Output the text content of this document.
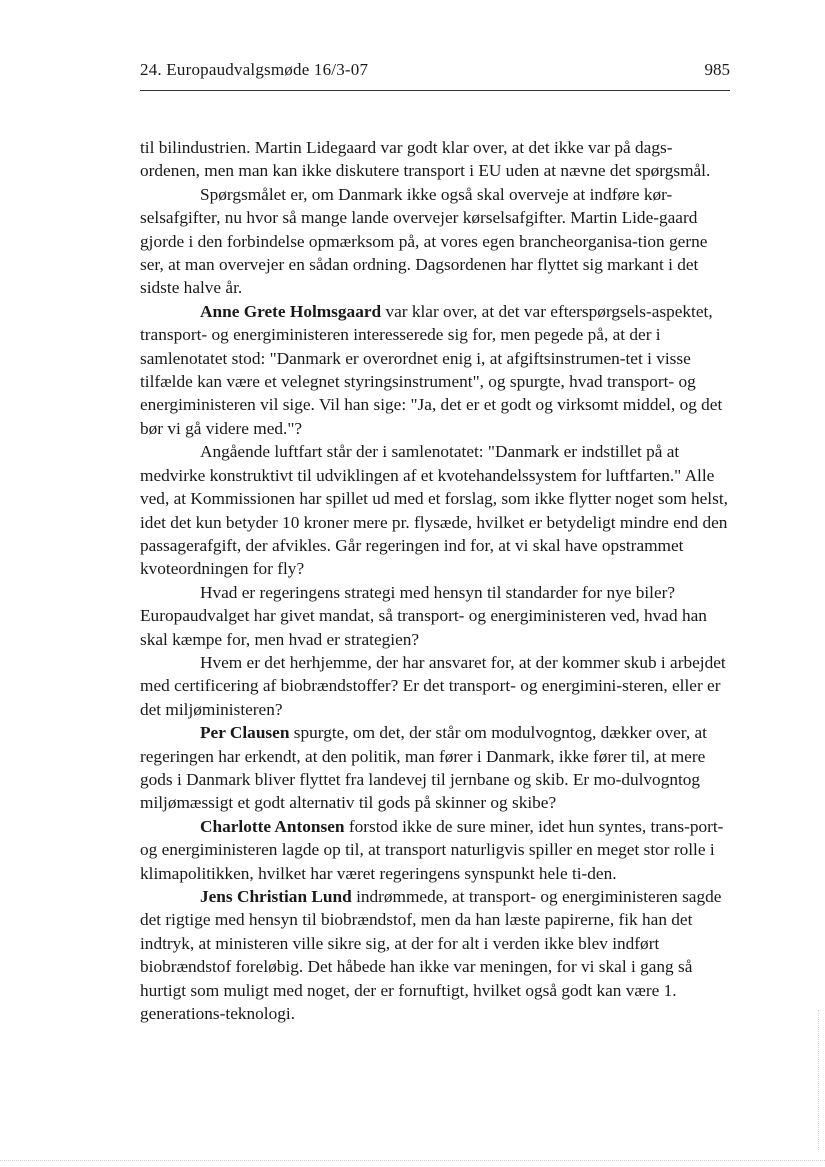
24. Europaudvalgsmøde 16/3-07	985

til bilindustrien. Martin Lidegaard var godt klar over, at det ikke var på dags-ordenen, men man kan ikke diskutere transport i EU uden at nævne det spørgsmål.

Spørgsmålet er, om Danmark ikke også skal overveje at indføre kør-selsafgifter, nu hvor så mange lande overvejer kørselsafgifter. Martin Lide-gaard gjorde i den forbindelse opmærksom på, at vores egen brancheorganisa-tion gerne ser, at man overvejer en sådan ordning. Dagsordenen har flyttet sig markant i det sidste halve år.

Anne Grete Holmsgaard var klar over, at det var efterspørgsels-aspektet, transport- og energiministeren interesserede sig for, men pegede på, at der i samlenotatet stod: "Danmark er overordnet enig i, at afgiftsinstrumen-tet i visse tilfælde kan være et velegnet styringsinstrument", og spurgte, hvad transport- og energiministeren vil sige. Vil han sige: "Ja, det er et godt og virksomt middel, og det bør vi gå videre med."?

Angående luftfart står der i samlenotatet: "Danmark er indstillet på at medvirke konstruktivt til udviklingen af et kvotehandelssystem for luftfarten." Alle ved, at Kommissionen har spillet ud med et forslag, som ikke flytter noget som helst, idet det kun betyder 10 kroner mere pr. flysæde, hvilket er betydeligt mindre end den passagerafgift, der afvikles. Går regeringen ind for, at vi skal have opstrammet kvoteordningen for fly?

Hvad er regeringens strategi med hensyn til standarder for nye biler? Europaudvalget har givet mandat, så transport- og energiministeren ved, hvad han skal kæmpe for, men hvad er strategien?

Hvem er det herhjemme, der har ansvaret for, at der kommer skub i arbejdet med certificering af biobrændstoffer? Er det transport- og energimini-steren, eller er det miljøministeren?

Per Clausen spurgte, om det, der står om modulvogntog, dækker over, at regeringen har erkendt, at den politik, man fører i Danmark, ikke fører til, at mere gods i Danmark bliver flyttet fra landevej til jernbane og skib. Er mo-dulvogntog miljømæssigt et godt alternativ til gods på skinner og skibe?

Charlotte Antonsen forstod ikke de sure miner, idet hun syntes, trans-port- og energiministeren lagde op til, at transport naturligvis spiller en meget stor rolle i klimapolitikken, hvilket har været regeringens synspunkt hele ti-den.

Jens Christian Lund indrømmede, at transport- og energiministeren sagde det rigtige med hensyn til biobrændstof, men da han læste papirerne, fik han det indtryk, at ministeren ville sikre sig, at der for alt i verden ikke blev indført biobrændstof foreløbig. Det håbede han ikke var meningen, for vi skal i gang så hurtigt som muligt med noget, der er fornuftigt, hvilket også godt kan være 1. generations-teknologi.
